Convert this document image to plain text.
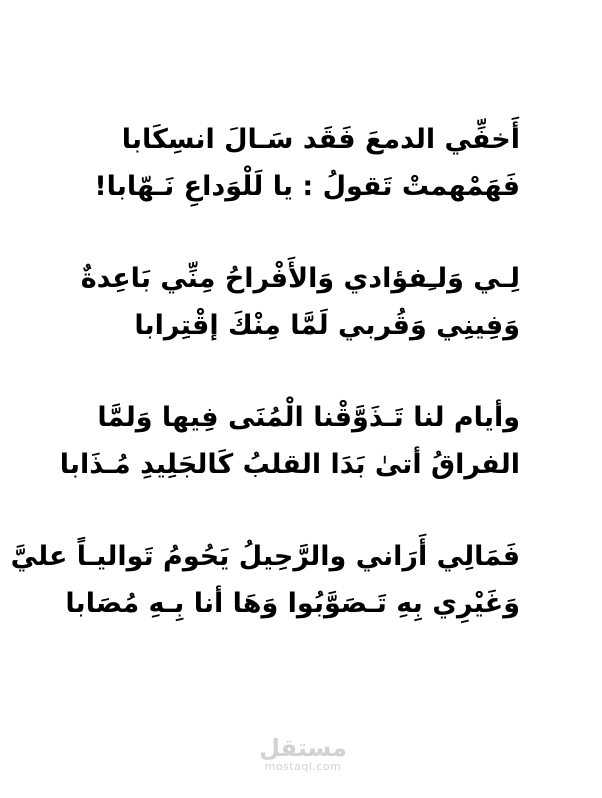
أَخفِّي الدمعَ فَقَد سَـالَ انسِكَابا
فَهَمْهمتْ تَقولُ : يا لَلْوَداعِ نَـهّابا!
لِـي وَلـِفؤادي وَالأَفْراحُ مِنِّي بَاعِدةٌ
وَفِينِي وَقُربي لَمَّا مِنْكَ إقْتِرابا
وأيام لنا تَـذَوَّقْنا الْمُنَى فِيها وَلمَّا
الفراقُ أتىٰ بَدَا القلبُ كَالجَلِيدِ مُـذَابا
فَمَالِي أَرَاني والرَّحِيلُ يَحُومُ تَواليـاً عليَّ
وَغَيْرِي بِهِ تَـصَوَّبُوا وَهَا أنا بِـهِ مُصَابا
مستقل
mostaql.com
